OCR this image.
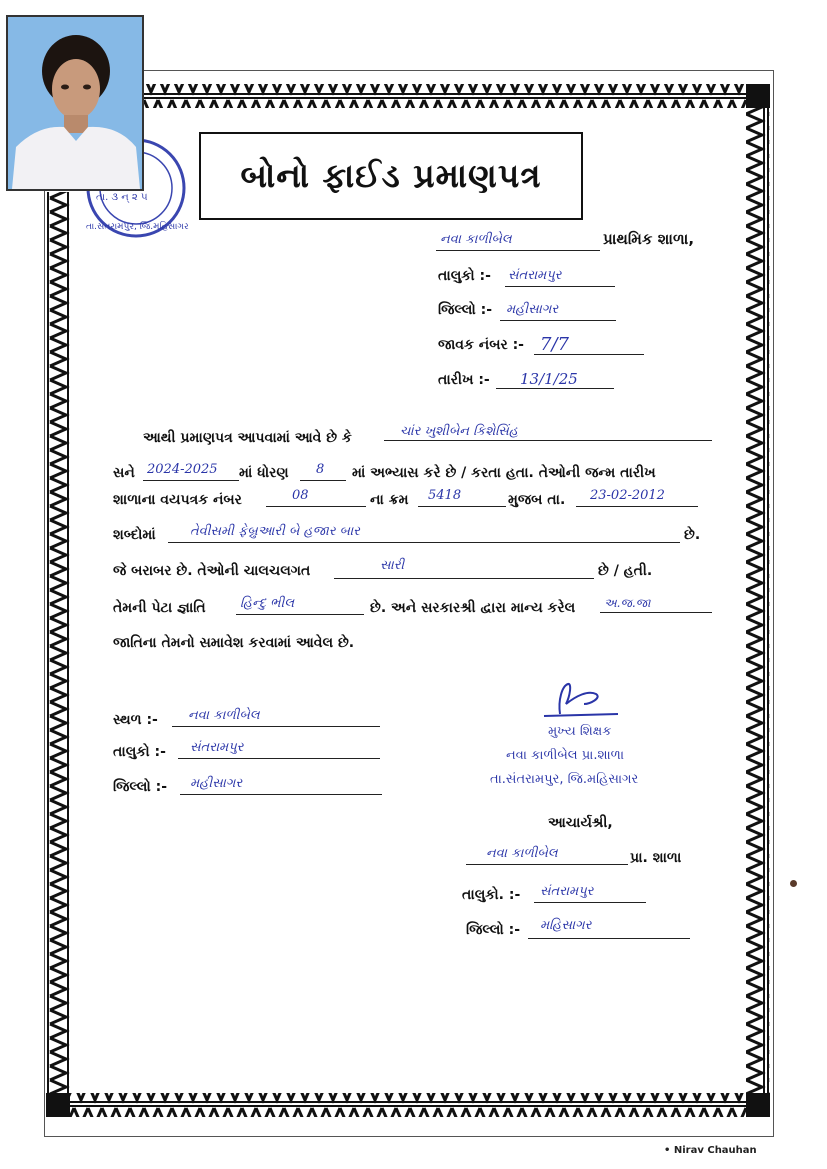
તા.સંતરામપુર, જિ.મહિસાગર
તા. ૩ ન્ ૨ ૫
બોનો ફાઈડ પ્રમાણપત્ર
નવા કાળીબેલ	પ્રાથમિક શાળા,
તાલુકો :- સંતરામપુર
જિલ્લો :- મહીસાગર
જાવક નંબર :- 7/7
તારીખ :- 13/1/25
આથી પ્રમાણપત્ર આપવામાં આવે છે કે	ચાંર ખુશીબેન કિશેસિંહ
સને 2024-2025 માં ધોરણ 8 માં અભ્યાસ કરે છે / કરતા હતા. તેઓની જન્મ તારીખ
શાળાના વયપત્રક નંબર	08	ના ક્રમ 5418	મુજબ તા. 23-02-2012
શબ્દોમાં	તેવીસમી ફેબ્રુઆરી બે હજાર બાર	છે.
જે બરાબર છે. તેઓની ચાલચલગત	સારી	છે / હતી.
તેમની પેટા જ્ઞાતિ	હિન્દુ ભીલ	છે. અને સરકારશ્રી દ્વારા માન્ય કરેલ અ.જ.જા
જાતિના તેમનો સમાવેશ કરવામાં આવેલ છે.
સ્થળ :- નવા કાળીબેલ
તાલુકો :- સંતરામપુર
જિલ્લો :- મહીસાગર
મુખ્ય શિક્ષક
નવા કાળીબેલ પ્રા.શાળા
તા.સંતરામપુર, જિ.મહિસાગર
આચાર્યશ્રી,
નવા કાળીબેલ	પ્રા. શાળા
તાલુકો. :- સંતરામપુર
જિલ્લો :- મહિસાગર
• Nirav Chauhan
